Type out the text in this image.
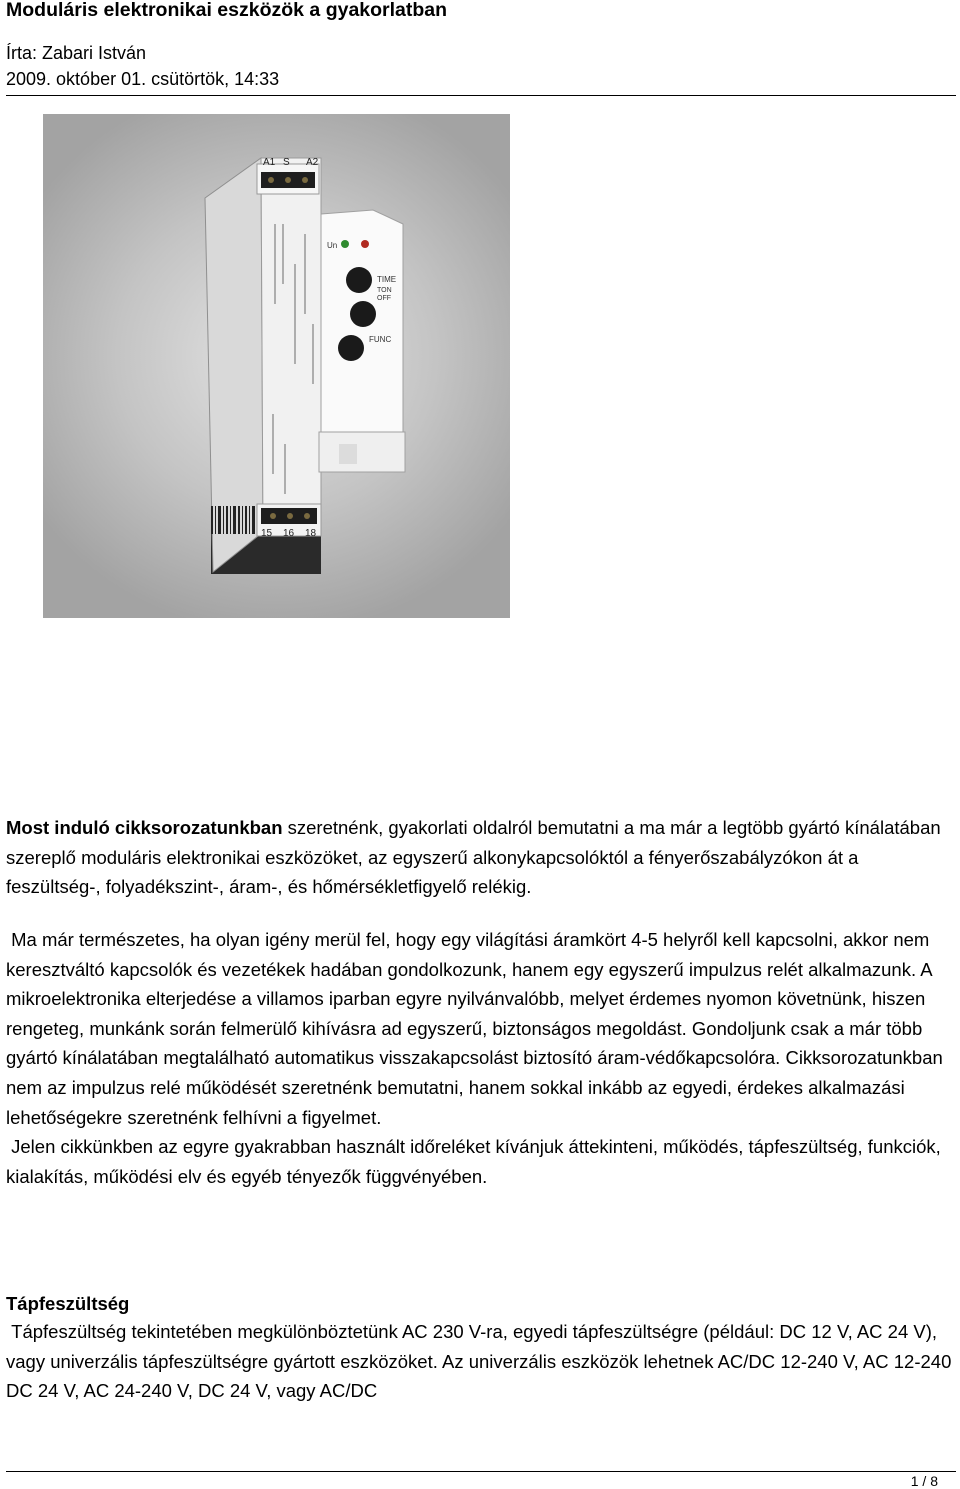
Moduláris elektronikai eszközök a gyakorlatban
Írta: Zabari István
2009. október 01. csütörtök, 14:33
A1 S A2
Un
TIME
TON
OFF
FUNC
15 16 18
Most induló cikksorozatunkban szeretnénk, gyakorlati oldalról bemutatni a ma már a legtöbb gyártó kínálatában szereplő moduláris elektronikai eszközöket, az egyszerű alkonykapcsolóktól a fényerőszabályzókon át a feszültség-, folyadékszint-, áram-, és hőmérsékletfigyelő relékig.
Ma már természetes, ha olyan igény merül fel, hogy egy világítási áramkört 4-5 helyről kell kapcsolni, akkor nem keresztváltó kapcsolók és vezetékek hadában gondolkozunk, hanem egy egyszerű impulzus relét alkalmazunk. A mikroelektronika elterjedése a villamos iparban egyre nyilvánvalóbb, melyet érdemes nyomon követnünk, hiszen rengeteg, munkánk során felmerülő kihívásra ad egyszerű, biztonságos megoldást. Gondoljunk csak a már több gyártó kínálatában megtalálható automatikus visszakapcsolást biztosító áram-védőkapcsolóra. Cikksorozatunkban nem az impulzus relé működését szeretnénk bemutatni, hanem sokkal inkább az egyedi, érdekes alkalmazási lehetőségekre szeretnénk felhívni a figyelmet.
Jelen cikkünkben az egyre gyakrabban használt időreléket kívánjuk áttekinteni, működés, tápfeszültség, funkciók, kialakítás, működési elv és egyéb tényezők függvényében.
Tápfeszültség
Tápfeszültség tekintetében megkülönböztetünk AC 230 V-ra, egyedi tápfeszültségre (például: DC 12 V, AC 24 V), vagy univerzális tápfeszültségre gyártott eszközöket. Az univerzális eszközök lehetnek AC/DC 12-240 V, AC 12-240 DC 24 V, AC 24-240 V, DC 24 V, vagy AC/DC
1 / 8
